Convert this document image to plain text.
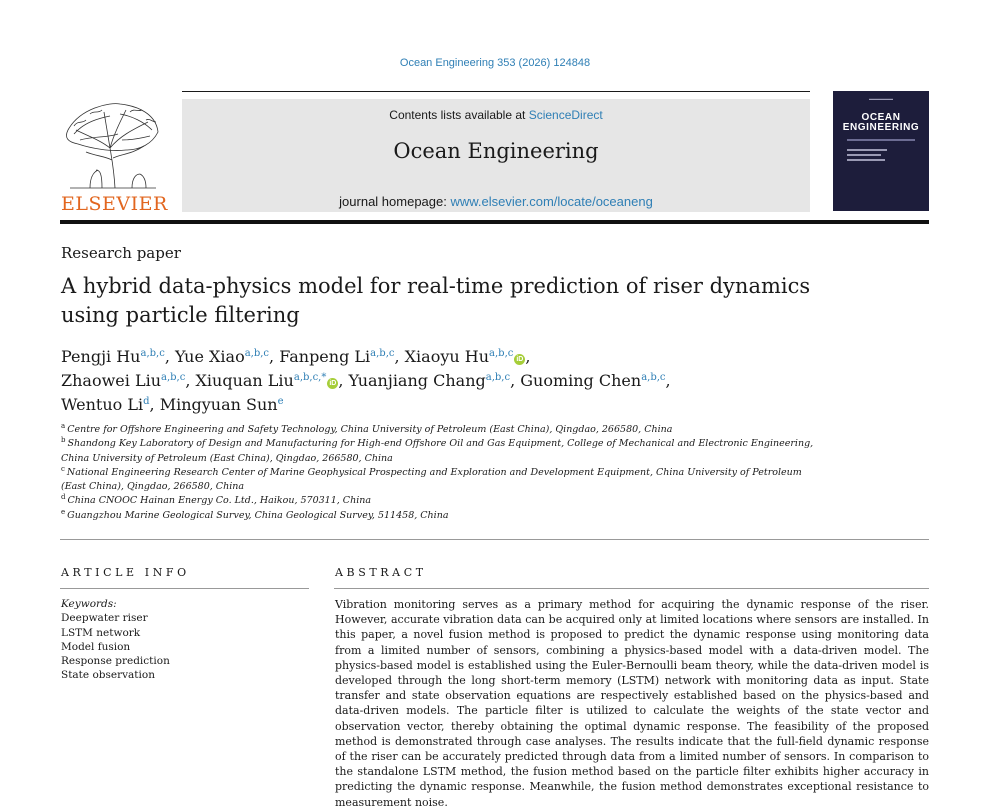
Ocean Engineering 353 (2026) 124848
ELSEVIER
Contents lists available at ScienceDirect
Ocean Engineering
journal homepage: www.elsevier.com/locate/oceaneng
▬▬▬▬▬▬
OCEAN
ENGINEERING
Research paper
A hybrid data-physics model for real-time prediction of riser dynamics using particle filtering
Pengji Hu$^{a,b,c}$, Yue Xiao$^{a,b,c}$, Fanpeng Li$^{a,b,c}$, Xiaoyu Hu$^{a,b,c}$iD ,
Zhaowei Liu$^{a,b,c}$, Xiuquan Liu$^{a,b,c,*}$iD , Yuanjiang Chang$^{a,b,c}$, Guoming Chen$^{a,b,c}$,
Wentuo Li$^d$, Mingyuan Sun$^e$
$^a$ Centre for Offshore Engineering and Safety Technology, China University of Petroleum (East China), Qingdao, 266580, China
$^b$ Shandong Key Laboratory of Design and Manufacturing for High-end Offshore Oil and Gas Equipment, College of Mechanical and Electronic Engineering, China University of Petroleum (East China), Qingdao, 266580, China
$^c$ National Engineering Research Center of Marine Geophysical Prospecting and Exploration and Development Equipment, China University of Petroleum (East China), Qingdao, 266580, China
$^d$ China CNOOC Hainan Energy Co. Ltd., Haikou, 570311, China
$^e$ Guangzhou Marine Geological Survey, China Geological Survey, 511458, China
ARTICLE INFO
Keywords:
Deepwater riser
LSTM network
Model fusion
Response prediction
State observation
ABSTRACT
Vibration monitoring serves as a primary method for acquiring the dynamic response of the riser. However, accurate vibration data can be acquired only at limited locations where sensors are installed. In this paper, a novel fusion method is proposed to predict the dynamic response using monitoring data from a limited number of sensors, combining a physics-based model with a data-driven model. The physics-based model is established using the Euler-Bernoulli beam theory, while the data-driven model is developed through the long short-term memory (LSTM) network with monitoring data as input. State transfer and state observation equations are respectively established based on the physics-based and data-driven models. The particle filter is utilized to calculate the weights of the state vector and observation vector, thereby obtaining the optimal dynamic response. The feasibility of the proposed method is demonstrated through case analyses. The results indicate that the full-field dynamic response of the riser can be accurately predicted through data from a limited number of sensors. In comparison to the standalone LSTM method, the fusion method based on the particle filter exhibits higher accuracy in predicting the dynamic response. Meanwhile, the fusion method demonstrates exceptional resistance to measurement noise.
